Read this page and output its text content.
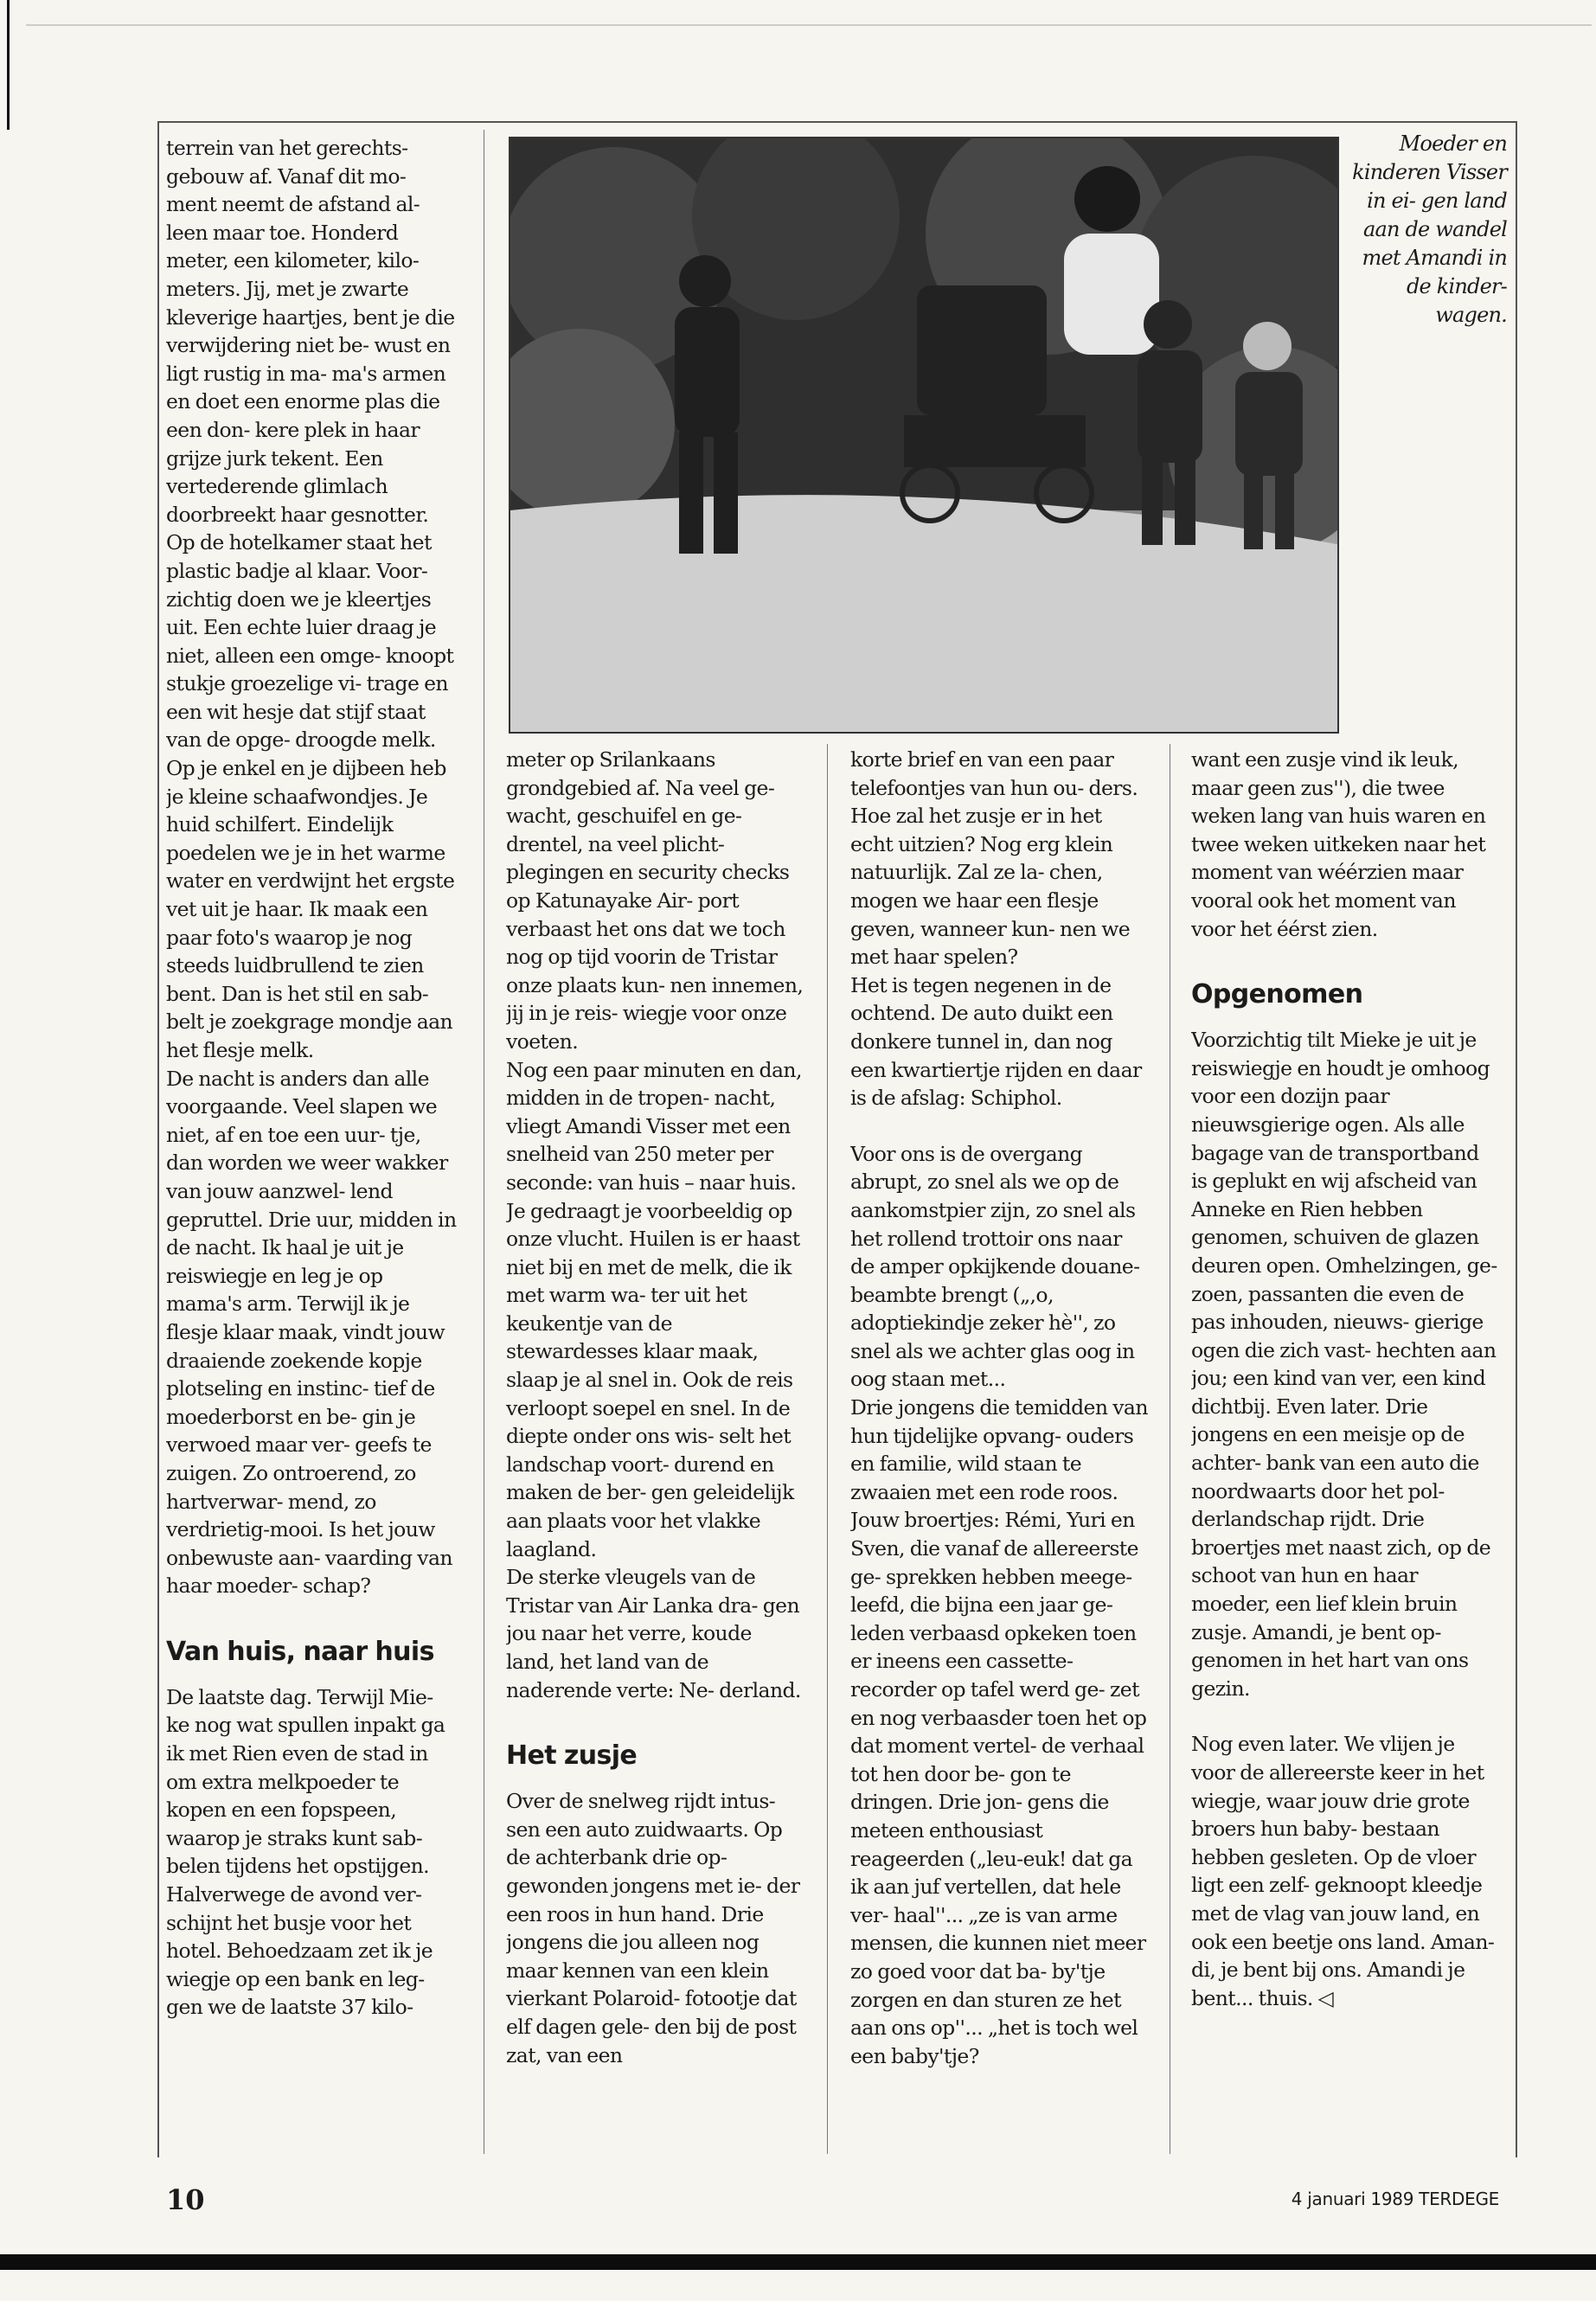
terrein van het gerechts- gebouw af. Vanaf dit mo- ment neemt de afstand al- leen maar toe. Honderd meter, een kilometer, kilo- meters. Jij, met je zwarte kleverige haartjes, bent je die verwijdering niet be- wust en ligt rustig in ma- ma's armen en doet een enorme plas die een don- kere plek in haar grijze jurk tekent. Een vertederende glimlach doorbreekt haar gesnotter.

Op de hotelkamer staat het plastic badje al klaar. Voor- zichtig doen we je kleertjes uit. Een echte luier draag je niet, alleen een omge- knoopt stukje groezelige vi- trage en een wit hesje dat stijf staat van de opge- droogde melk. Op je enkel en je dijbeen heb je kleine schaafwondjes. Je huid schilfert. Eindelijk poedelen we je in het warme water en verdwijnt het ergste vet uit je haar. Ik maak een paar foto's waarop je nog steeds luidbrullend te zien bent. Dan is het stil en sab- belt je zoekgrage mondje aan het flesje melk.

De nacht is anders dan alle voorgaande. Veel slapen we niet, af en toe een uur- tje, dan worden we weer wakker van jouw aanzwel- lend gepruttel. Drie uur, midden in de nacht. Ik haal je uit je reiswiegje en leg je op mama's arm. Terwijl ik je flesje klaar maak, vindt jouw draaiende zoekende kopje plotseling en instinc- tief de moederborst en be- gin je verwoed maar ver- geefs te zuigen. Zo ontroerend, zo hartverwar- mend, zo verdrietig-mooi. Is het jouw onbewuste aan- vaarding van haar moeder- schap?

Van huis, naar huis

De laatste dag. Terwijl Mie- ke nog wat spullen inpakt ga ik met Rien even de stad in om extra melkpoeder te kopen en een fopspeen, waarop je straks kunt sab- belen tijdens het opstijgen. Halverwege de avond ver- schijnt het busje voor het hotel. Behoedzaam zet ik je wiegje op een bank en leg- gen we de laatste 37 kilo-

Moeder en kinderen Visser in ei- gen land aan de wandel met Amandi in de kinder- wagen.

meter op Srilankaans grondgebied af. Na veel ge- wacht, geschuifel en ge- drentel, na veel plicht- plegingen en security checks op Katunayake Air- port verbaast het ons dat we toch nog op tijd voorin de Tristar onze plaats kun- nen innemen, jij in je reis- wiegje voor onze voeten.

Nog een paar minuten en dan, midden in de tropen- nacht, vliegt Amandi Visser met een snelheid van 250 meter per seconde: van huis – naar huis.

Je gedraagt je voorbeeldig op onze vlucht. Huilen is er haast niet bij en met de melk, die ik met warm wa- ter uit het keukentje van de stewardesses klaar maak, slaap je al snel in. Ook de reis verloopt soepel en snel. In de diepte onder ons wis- selt het landschap voort- durend en maken de ber- gen geleidelijk aan plaats voor het vlakke laagland.

De sterke vleugels van de Tristar van Air Lanka dra- gen jou naar het verre, koude land, het land van de naderende verte: Ne- derland.

Het zusje

Over de snelweg rijdt intus- sen een auto zuidwaarts. Op de achterbank drie op- gewonden jongens met ie- der een roos in hun hand. Drie jongens die jou alleen nog maar kennen van een klein vierkant Polaroid- fotootje dat elf dagen gele- den bij de post zat, van een

korte brief en van een paar telefoontjes van hun ou- ders. Hoe zal het zusje er in het echt uitzien? Nog erg klein natuurlijk. Zal ze la- chen, mogen we haar een flesje geven, wanneer kun- nen we met haar spelen?

Het is tegen negenen in de ochtend. De auto duikt een donkere tunnel in, dan nog een kwartiertje rijden en daar is de afslag: Schiphol.

Voor ons is de overgang abrupt, zo snel als we op de aankomstpier zijn, zo snel als het rollend trottoir ons naar de amper opkijkende douane-beambte brengt („,o, adoptiekindje zeker hè'', zo snel als we achter glas oog in oog staan met...

Drie jongens die temidden van hun tijdelijke opvang- ouders en familie, wild staan te zwaaien met een rode roos. Jouw broertjes: Rémi, Yuri en Sven, die vanaf de allereerste ge- sprekken hebben meege- leefd, die bijna een jaar ge- leden verbaasd opkeken toen er ineens een cassette- recorder op tafel werd ge- zet en nog verbaasder toen het op dat moment vertel- de verhaal tot hen door be- gon te dringen. Drie jon- gens die meteen enthousiast reageerden („leu-euk! dat ga ik aan juf vertellen, dat hele ver- haal''... „ze is van arme mensen, die kunnen niet meer zo goed voor dat ba- by'tje zorgen en dan sturen ze het aan ons op''... „het is toch wel een baby'tje?

want een zusje vind ik leuk, maar geen zus''), die twee weken lang van huis waren en twee weken uitkeken naar het moment van wéérzien maar vooral ook het moment van voor het éérst zien.

Opgenomen

Voorzichtig tilt Mieke je uit je reiswiegje en houdt je omhoog voor een dozijn paar nieuwsgierige ogen. Als alle bagage van de transportband is geplukt en wij afscheid van Anneke en Rien hebben genomen, schuiven de glazen deuren open. Omhelzingen, ge- zoen, passanten die even de pas inhouden, nieuws- gierige ogen die zich vast- hechten aan jou; een kind van ver, een kind dichtbij. Even later. Drie jongens en een meisje op de achter- bank van een auto die noordwaarts door het pol- derlandschap rijdt. Drie broertjes met naast zich, op de schoot van hun en haar moeder, een lief klein bruin zusje. Amandi, je bent op- genomen in het hart van ons gezin.

Nog even later. We vlijen je voor de allereerste keer in het wiegje, waar jouw drie grote broers hun baby- bestaan hebben gesleten. Op de vloer ligt een zelf- geknoopt kleedje met de vlag van jouw land, en ook een beetje ons land. Aman- di, je bent bij ons. Amandi je bent... thuis. ◁

10	4 januari 1989 TERDEGE
